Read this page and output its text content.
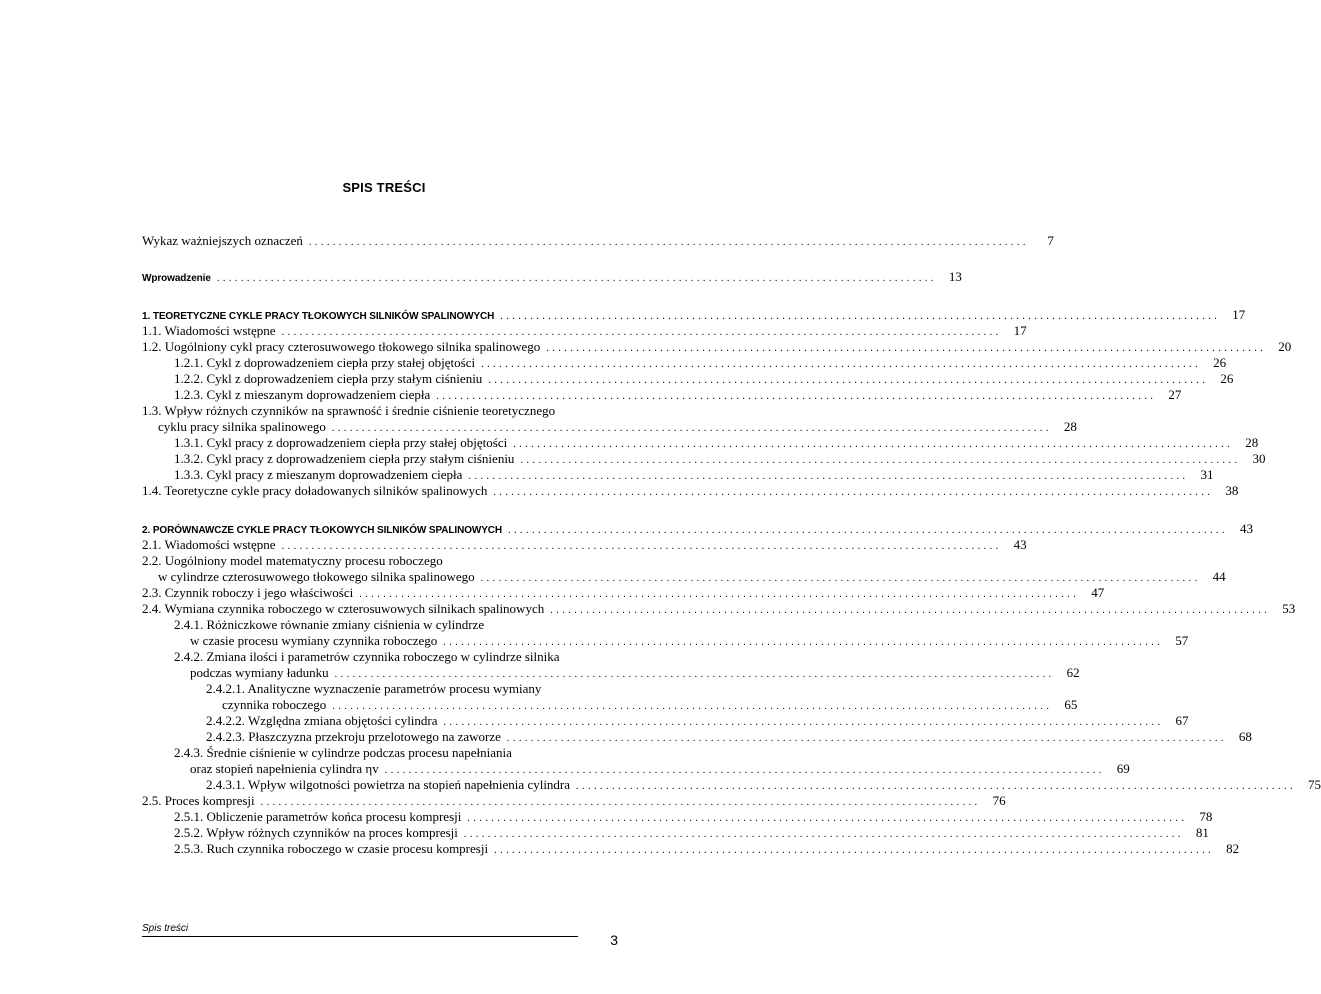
SPIS TREŚCI
Wykaz ważniejszych oznaczeń . . . . . . . . . . . . . . . . . . . . . . . . . . . . . . . . . . . . . . . . . . . . . . . . . . . . . . . . . . . . . . . . . . . . . . . . . . . . . . . . . . . . . . . . . . . . . . . . . . . . . . . . . . . . . . . . . . . . . . . .	7
Wprowadzenie . . . . . . . . . . . . . . . . . . . . . . . . . . . . . . . . . . . . . . . . . . . . . . . . . . . . . . . . . . . . . . . . . . . . . . . . . . . . . . . . . . . . . . . . . . . . . . . . . . . . . . . . . . . . . . . . . . . . . . . .	13
1. TEORETYCZNE CYKLE PRACY TŁOKOWYCH SILNIKÓW SPALINOWYCH . . . . . . . . . . . . . . . . . . . . . . . . . . . . . . . . . . . . . . . . . . . . . . . . . . . . . . . . . . . . . . . . . . . . . . . . . . . . . . . . . . . . . . . . . . . . . . . . . . . . . . . . . . . . . . . . . . . . . . . .	17
1.1. Wiadomości wstępne . . . . . . . . . . . . . . . . . . . . . . . . . . . . . . . . . . . . . . . . . . . . . . . . . . . . . . . . . . . . . . . . . . . . . . . . . . . . . . . . . . . . . . . . . . . . . . . . . . . . . . . . . . . . . . . . . . . . . . . .	17
1.2. Uogólniony cykl pracy czterosuwowego tłokowego silnika spalinowego . . . . . . . . . . . . . . . . . . . . . . . . . . . . . . . . . . . . . . . . . . . . . . . . . . . . . . . . . . . . . . . . . . . . . . . . . . . . . . . . . . . . . . . . . . . . . . . . . . . . . . . . . . . . . . . . . . . . . . . .	20
1.2.1. Cykl z doprowadzeniem ciepła przy stałej objętości . . . . . . . . . . . . . . . . . . . . . . . . . . . . . . . . . . . . . . . . . . . . . . . . . . . . . . . . . . . . . . . . . . . . . . . . . . . . . . . . . . . . . . . . . . . . . . . . . . . . . . . . . . . . . . . . . . . . . . . .	26
1.2.2. Cykl z doprowadzeniem ciepła przy stałym ciśnieniu . . . . . . . . . . . . . . . . . . . . . . . . . . . . . . . . . . . . . . . . . . . . . . . . . . . . . . . . . . . . . . . . . . . . . . . . . . . . . . . . . . . . . . . . . . . . . . . . . . . . . . . . . . . . . . . . . . . . . . . .	26
1.2.3. Cykl z mieszanym doprowadzeniem ciepła . . . . . . . . . . . . . . . . . . . . . . . . . . . . . . . . . . . . . . . . . . . . . . . . . . . . . . . . . . . . . . . . . . . . . . . . . . . . . . . . . . . . . . . . . . . . . . . . . . . . . . . . . . . . . . . . . . . . . . . .	27
1.3. Wpływ różnych czynników na sprawność i średnie ciśnienie teoretycznego
cyklu pracy silnika spalinowego . . . . . . . . . . . . . . . . . . . . . . . . . . . . . . . . . . . . . . . . . . . . . . . . . . . . . . . . . . . . . . . . . . . . . . . . . . . . . . . . . . . . . . . . . . . . . . . . . . . . . . . . . . . . . . . . . . . . . . . .	28
1.3.1. Cykl pracy z doprowadzeniem ciepła przy stałej objętości . . . . . . . . . . . . . . . . . . . . . . . . . . . . . . . . . . . . . . . . . . . . . . . . . . . . . . . . . . . . . . . . . . . . . . . . . . . . . . . . . . . . . . . . . . . . . . . . . . . . . . . . . . . . . . . . . . . . . . . .	28
1.3.2. Cykl pracy z doprowadzeniem ciepła przy stałym ciśnieniu . . . . . . . . . . . . . . . . . . . . . . . . . . . . . . . . . . . . . . . . . . . . . . . . . . . . . . . . . . . . . . . . . . . . . . . . . . . . . . . . . . . . . . . . . . . . . . . . . . . . . . . . . . . . . . . . . . . . . . . .	30
1.3.3. Cykl pracy z mieszanym doprowadzeniem ciepła . . . . . . . . . . . . . . . . . . . . . . . . . . . . . . . . . . . . . . . . . . . . . . . . . . . . . . . . . . . . . . . . . . . . . . . . . . . . . . . . . . . . . . . . . . . . . . . . . . . . . . . . . . . . . . . . . . . . . . . .	31
1.4. Teoretyczne cykle pracy doładowanych silników spalinowych . . . . . . . . . . . . . . . . . . . . . . . . . . . . . . . . . . . . . . . . . . . . . . . . . . . . . . . . . . . . . . . . . . . . . . . . . . . . . . . . . . . . . . . . . . . . . . . . . . . . . . . . . . . . . . . . . . . . . . . .	38
2. PORÓWNAWCZE CYKLE PRACY TŁOKOWYCH SILNIKÓW SPALINOWYCH . . . . . . . . . . . . . . . . . . . . . . . . . . . . . . . . . . . . . . . . . . . . . . . . . . . . . . . . . . . . . . . . . . . . . . . . . . . . . . . . . . . . . . . . . . . . . . . . . . . . . . . . . . . . . . . . . . . . . . . .	43
2.1. Wiadomości wstępne . . . . . . . . . . . . . . . . . . . . . . . . . . . . . . . . . . . . . . . . . . . . . . . . . . . . . . . . . . . . . . . . . . . . . . . . . . . . . . . . . . . . . . . . . . . . . . . . . . . . . . . . . . . . . . . . . . . . . . . .	43
2.2. Uogólniony model matematyczny procesu roboczego
w cylindrze czterosuwowego tłokowego silnika spalinowego . . . . . . . . . . . . . . . . . . . . . . . . . . . . . . . . . . . . . . . . . . . . . . . . . . . . . . . . . . . . . . . . . . . . . . . . . . . . . . . . . . . . . . . . . . . . . . . . . . . . . . . . . . . . . . . . . . . . . . . .	44
2.3. Czynnik roboczy i jego właściwości . . . . . . . . . . . . . . . . . . . . . . . . . . . . . . . . . . . . . . . . . . . . . . . . . . . . . . . . . . . . . . . . . . . . . . . . . . . . . . . . . . . . . . . . . . . . . . . . . . . . . . . . . . . . . . . . . . . . . . . .	47
2.4. Wymiana czynnika roboczego w czterosuwowych silnikach spalinowych . . . . . . . . . . . . . . . . . . . . . . . . . . . . . . . . . . . . . . . . . . . . . . . . . . . . . . . . . . . . . . . . . . . . . . . . . . . . . . . . . . . . . . . . . . . . . . . . . . . . . . . . . . . . . . . . . . . . . . . .	53
2.4.1. Różniczkowe równanie zmiany ciśnienia w cylindrze
w czasie procesu wymiany czynnika roboczego . . . . . . . . . . . . . . . . . . . . . . . . . . . . . . . . . . . . . . . . . . . . . . . . . . . . . . . . . . . . . . . . . . . . . . . . . . . . . . . . . . . . . . . . . . . . . . . . . . . . . . . . . . . . . . . . . . . . . . . .	57
2.4.2. Zmiana ilości i parametrów czynnika roboczego w cylindrze silnika
podczas wymiany ładunku . . . . . . . . . . . . . . . . . . . . . . . . . . . . . . . . . . . . . . . . . . . . . . . . . . . . . . . . . . . . . . . . . . . . . . . . . . . . . . . . . . . . . . . . . . . . . . . . . . . . . . . . . . . . . . . . . . . . . . . .	62
2.4.2.1. Analityczne wyznaczenie parametrów procesu wymiany
czynnika roboczego . . . . . . . . . . . . . . . . . . . . . . . . . . . . . . . . . . . . . . . . . . . . . . . . . . . . . . . . . . . . . . . . . . . . . . . . . . . . . . . . . . . . . . . . . . . . . . . . . . . . . . . . . . . . . . . . . . . . . . . .	65
2.4.2.2. Względna zmiana objętości cylindra . . . . . . . . . . . . . . . . . . . . . . . . . . . . . . . . . . . . . . . . . . . . . . . . . . . . . . . . . . . . . . . . . . . . . . . . . . . . . . . . . . . . . . . . . . . . . . . . . . . . . . . . . . . . . . . . . . . . . . . .	67
2.4.2.3. Płaszczyzna przekroju przelotowego na zaworze . . . . . . . . . . . . . . . . . . . . . . . . . . . . . . . . . . . . . . . . . . . . . . . . . . . . . . . . . . . . . . . . . . . . . . . . . . . . . . . . . . . . . . . . . . . . . . . . . . . . . . . . . . . . . . . . . . . . . . . .	68
2.4.3. Średnie ciśnienie w cylindrze podczas procesu napełniania
oraz stopień napełnienia cylindra ηv . . . . . . . . . . . . . . . . . . . . . . . . . . . . . . . . . . . . . . . . . . . . . . . . . . . . . . . . . . . . . . . . . . . . . . . . . . . . . . . . . . . . . . . . . . . . . . . . . . . . . . . . . . . . . . . . . . . . . . . .	69
2.4.3.1. Wpływ wilgotności powietrza na stopień napełnienia cylindra . . . . . . . . . . . . . . . . . . . . . . . . . . . . . . . . . . . . . . . . . . . . . . . . . . . . . . . . . . . . . . . . . . . . . . . . . . . . . . . . . . . . . . . . . . . . . . . . . . . . . . . . . . . . . . . . . . . . . . . .	75
2.5. Proces kompresji . . . . . . . . . . . . . . . . . . . . . . . . . . . . . . . . . . . . . . . . . . . . . . . . . . . . . . . . . . . . . . . . . . . . . . . . . . . . . . . . . . . . . . . . . . . . . . . . . . . . . . . . . . . . . . . . . . . . . . . .	76
2.5.1. Obliczenie parametrów końca procesu kompresji . . . . . . . . . . . . . . . . . . . . . . . . . . . . . . . . . . . . . . . . . . . . . . . . . . . . . . . . . . . . . . . . . . . . . . . . . . . . . . . . . . . . . . . . . . . . . . . . . . . . . . . . . . . . . . . . . . . . . . . .	78
2.5.2. Wpływ różnych czynników na proces kompresji . . . . . . . . . . . . . . . . . . . . . . . . . . . . . . . . . . . . . . . . . . . . . . . . . . . . . . . . . . . . . . . . . . . . . . . . . . . . . . . . . . . . . . . . . . . . . . . . . . . . . . . . . . . . . . . . . . . . . . . .	81
2.5.3. Ruch czynnika roboczego w czasie procesu kompresji . . . . . . . . . . . . . . . . . . . . . . . . . . . . . . . . . . . . . . . . . . . . . . . . . . . . . . . . . . . . . . . . . . . . . . . . . . . . . . . . . . . . . . . . . . . . . . . . . . . . . . . . . . . . . . . . . . . . . . . .	82
Spis treści
3
